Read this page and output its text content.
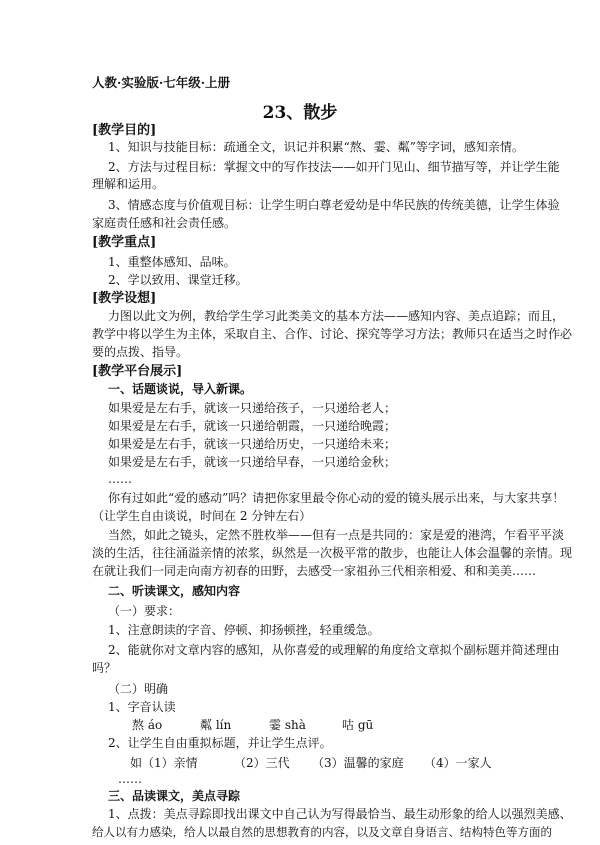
人教·实验版·七年级·上册
23、散步
[教学目的]
1、知识与技能目标：疏通全文，识记并积累“熬、霎、粼”等字词，感知亲情。
2、方法与过程目标：掌握文中的写作技法——如开门见山、细节描写等，并让学生能
理解和运用。
3、情感态度与价值观目标：让学生明白尊老爱幼是中华民族的传统美德，让学生体验
家庭责任感和社会责任感。
[教学重点]
1、重整体感知、品味。
2、学以致用、课堂迁移。
[教学设想]
力图以此文为例，教给学生学习此类美文的基本方法——感知内容、美点追踪；而且，
教学中将以学生为主体，采取自主、合作、讨论、探究等学习方法；教师只在适当之时作必
要的点拨、指导。
[教学平台展示]
一、话题谈说，导入新课。
如果爱是左右手，就该一只递给孩子，一只递给老人；
如果爱是左右手，就该一只递给朝霞，一只递给晚霞；
如果爱是左右手，就该一只递给历史，一只递给未来；
如果爱是左右手，就该一只递给早春，一只递给金秋；
……
你有过如此“爱的感动”吗？请把你家里最令你心动的爱的镜头展示出来，与大家共享！
（让学生自由谈说，时间在 2 分钟左右）
当然，如此之镜头，定然不胜枚举——但有一点是共同的：家是爱的港湾，乍看平平淡
淡的生活，往往涌溢亲情的浓浆，纵然是一次极平常的散步，也能让人体会温馨的亲情。现
在就让我们一同走向南方初春的田野，去感受一家祖孙三代相亲相爱、和和美美……
二、听读课文，感知内容
（一）要求：
1、注意朗读的字音、停顿、抑扬顿挫，轻重缓急。
2、能就你对文章内容的感知，从你喜爱的或理解的角度给文章拟个副标题并简述理由
吗？
（二）明确
1、字音认读
熬 áo	粼 lín	霎 shà	咕 gū
2、让学生自由重拟标题，并让学生点评。
如（1）亲情	（2）三代 （3）温馨的家庭 （4）一家人
……
三、品读课文，美点寻踪
1、点拨：美点寻踪即找出课文中自己认为写得最恰当、最生动形象的给人以强烈美感、
给人以有力感染，给人以最自然的思想教育的内容，以及文章自身语言、结构特色等方面的
